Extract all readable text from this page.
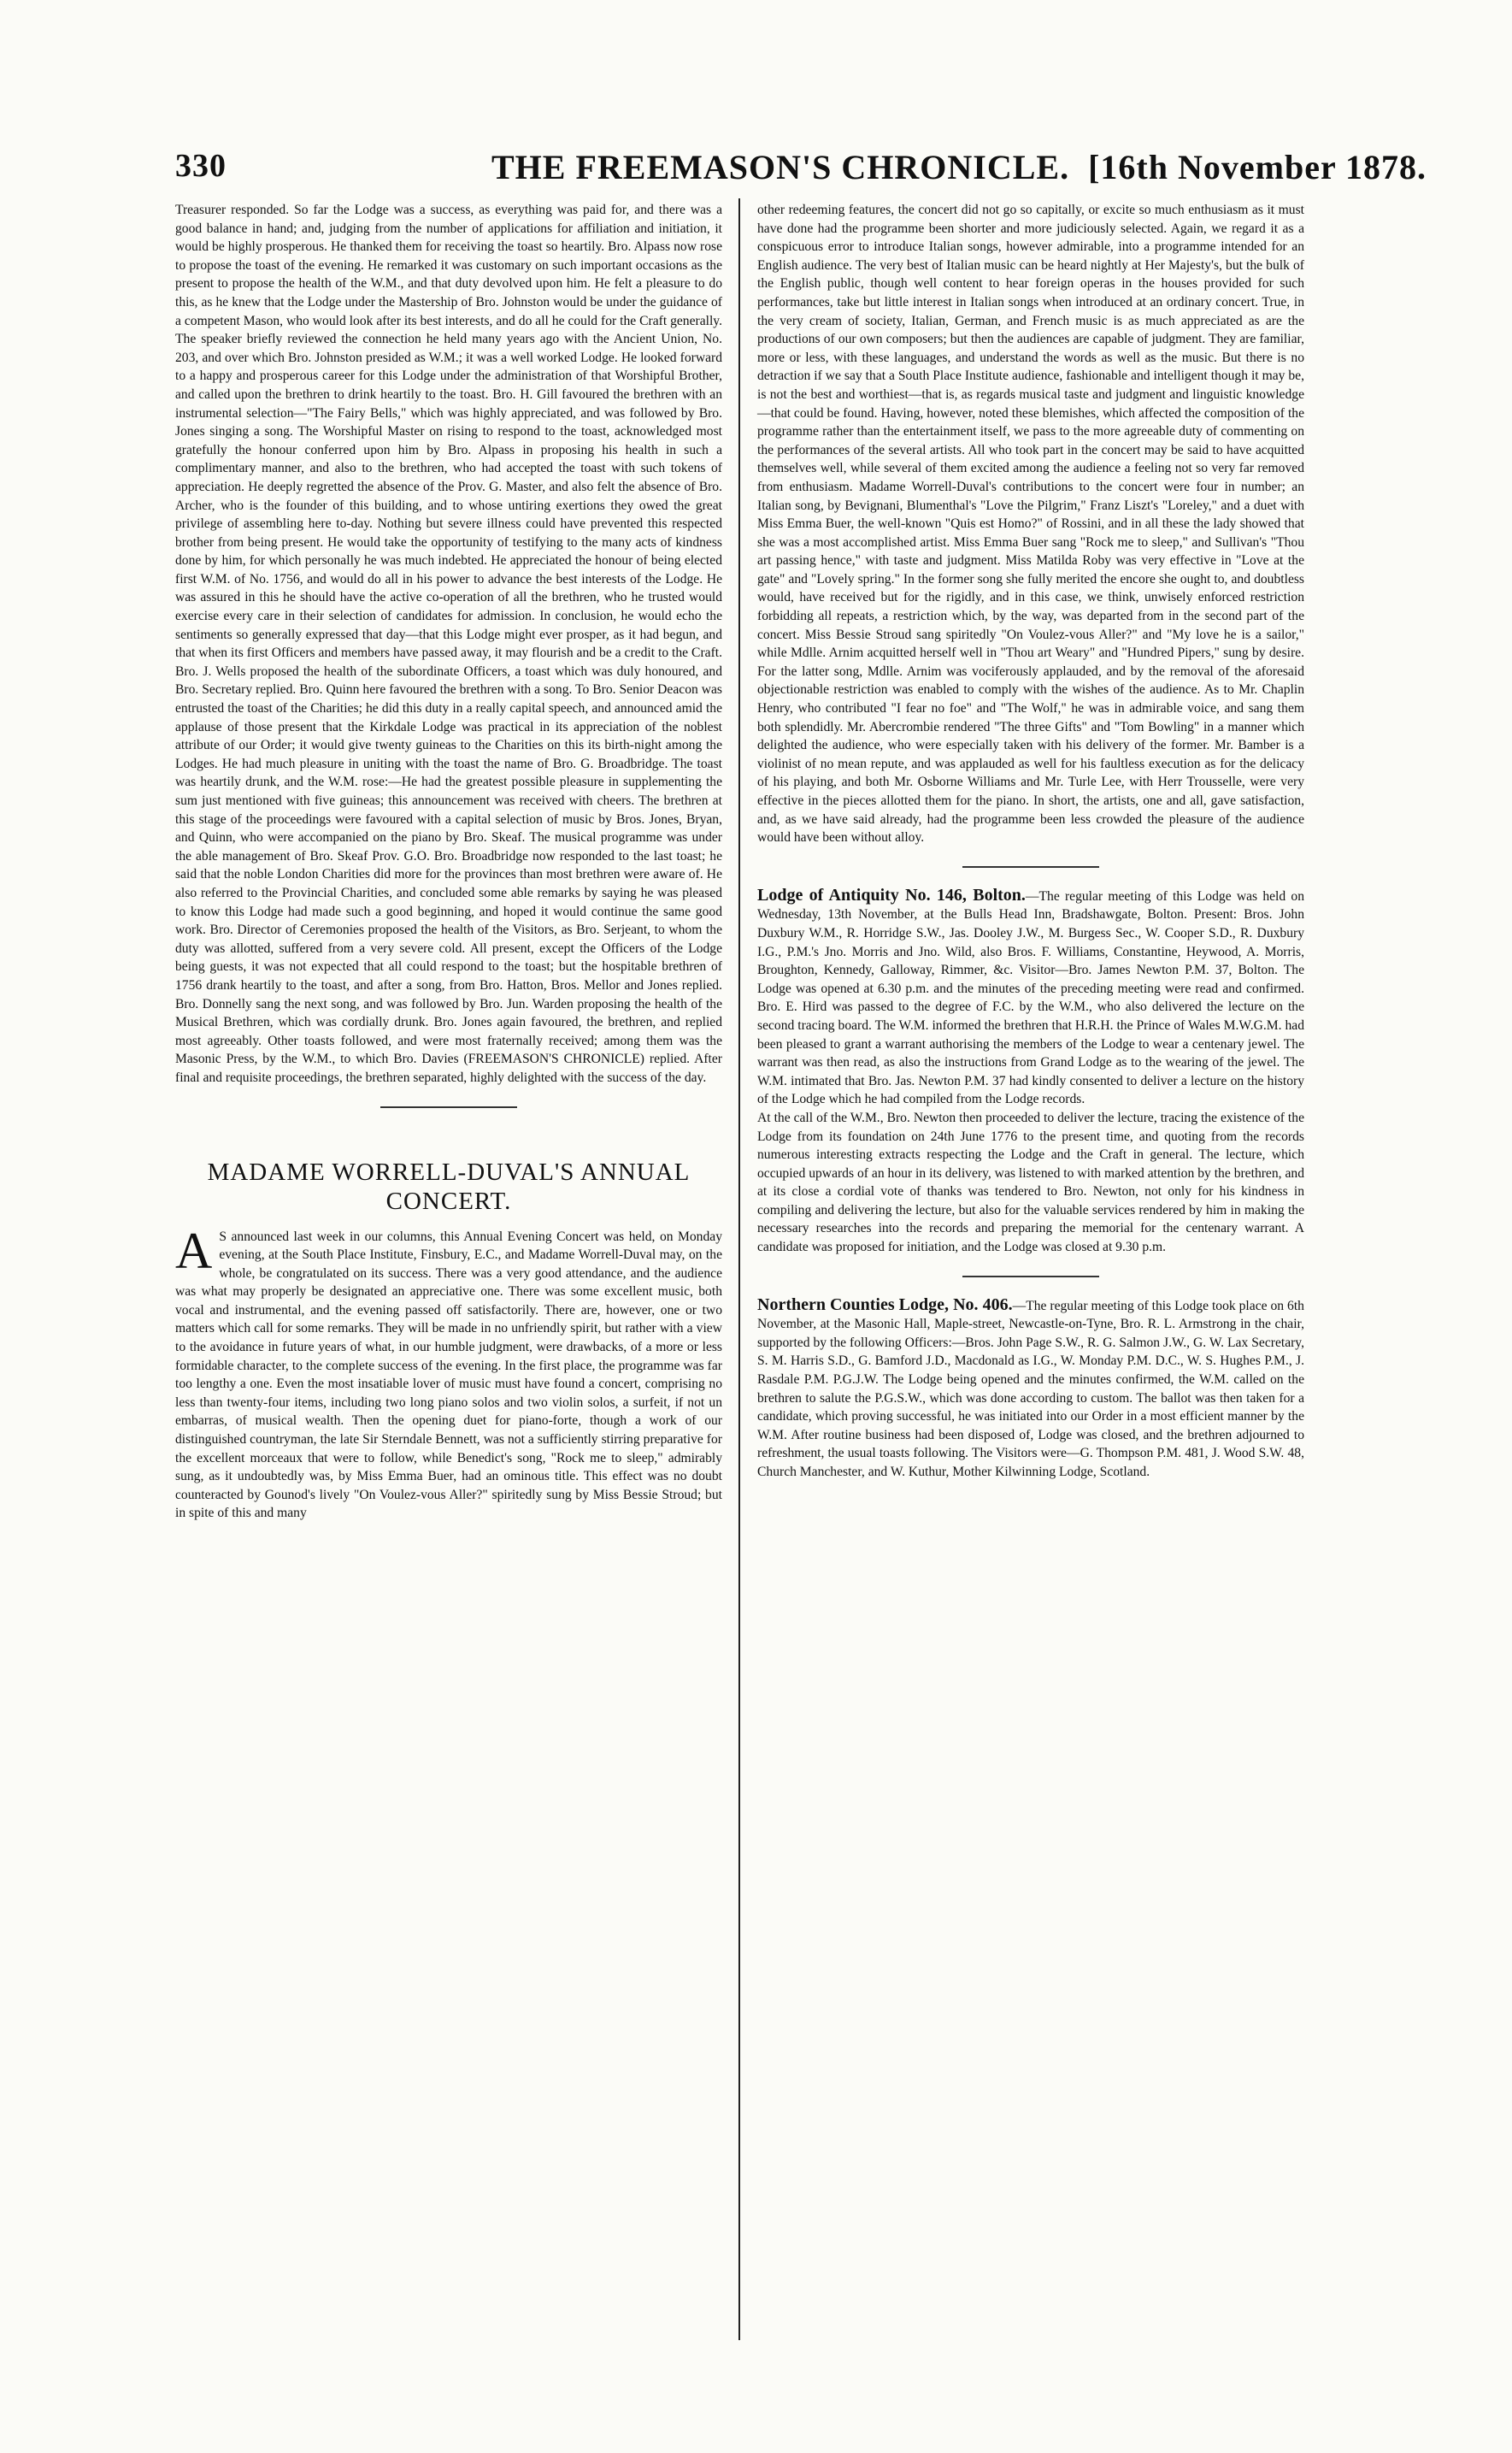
330	THE FREEMASON'S CHRONICLE. [16th November 1878.

Treasurer responded. So far the Lodge was a success, as everything was paid for, and there was a good balance in hand; and, judging from the number of applications for affiliation and initiation, it would be highly prosperous. He thanked them for receiving the toast so heartily. Bro. Alpass now rose to propose the toast of the evening. He remarked it was customary on such important occasions as the present to propose the health of the W.M., and that duty devolved upon him. He felt a pleasure to do this, as he knew that the Lodge under the Mastership of Bro. Johnston would be under the guidance of a competent Mason, who would look after its best interests, and do all he could for the Craft generally. The speaker briefly reviewed the connection he held many years ago with the Ancient Union, No. 203, and over which Bro. Johnston presided as W.M.; it was a well worked Lodge. He looked forward to a happy and prosperous career for this Lodge under the administration of that Worshipful Brother, and called upon the brethren to drink heartily to the toast. Bro. H. Gill favoured the brethren with an instrumental selection—"The Fairy Bells," which was highly appreciated, and was followed by Bro. Jones singing a song. The Worshipful Master on rising to respond to the toast, acknowledged most gratefully the honour conferred upon him by Bro. Alpass in proposing his health in such a complimentary manner, and also to the brethren, who had accepted the toast with such tokens of appreciation. He deeply regretted the absence of the Prov. G. Master, and also felt the absence of Bro. Archer, who is the founder of this building, and to whose untiring exertions they owed the great privilege of assembling here to-day. Nothing but severe illness could have prevented this respected brother from being present. He would take the opportunity of testifying to the many acts of kindness done by him, for which personally he was much indebted. He appreciated the honour of being elected first W.M. of No. 1756, and would do all in his power to advance the best interests of the Lodge. He was assured in this he should have the active co-operation of all the brethren, who he trusted would exercise every care in their selection of candidates for admission. In conclusion, he would echo the sentiments so generally expressed that day—that this Lodge might ever prosper, as it had begun, and that when its first Officers and members have passed away, it may flourish and be a credit to the Craft. Bro. J. Wells proposed the health of the subordinate Officers, a toast which was duly honoured, and Bro. Secretary replied. Bro. Quinn here favoured the brethren with a song. To Bro. Senior Deacon was entrusted the toast of the Charities; he did this duty in a really capital speech, and announced amid the applause of those present that the Kirkdale Lodge was practical in its appreciation of the noblest attribute of our Order; it would give twenty guineas to the Charities on this its birth-night among the Lodges. He had much pleasure in uniting with the toast the name of Bro. G. Broadbridge. The toast was heartily drunk, and the W.M. rose:—He had the greatest possible pleasure in supplementing the sum just mentioned with five guineas; this announcement was received with cheers. The brethren at this stage of the proceedings were favoured with a capital selection of music by Bros. Jones, Bryan, and Quinn, who were accompanied on the piano by Bro. Skeaf. The musical programme was under the able management of Bro. Skeaf Prov. G.O. Bro. Broadbridge now responded to the last toast; he said that the noble London Charities did more for the provinces than most brethren were aware of. He also referred to the Provincial Charities, and concluded some able remarks by saying he was pleased to know this Lodge had made such a good beginning, and hoped it would continue the same good work. Bro. Director of Ceremonies proposed the health of the Visitors, as Bro. Serjeant, to whom the duty was allotted, suffered from a very severe cold. All present, except the Officers of the Lodge being guests, it was not expected that all could respond to the toast; but the hospitable brethren of 1756 drank heartily to the toast, and after a song, from Bro. Hatton, Bros. Mellor and Jones replied. Bro. Donnelly sang the next song, and was followed by Bro. Jun. Warden proposing the health of the Musical Brethren, which was cordially drunk. Bro. Jones again favoured, the brethren, and replied most agreeably. Other toasts followed, and were most fraternally received; among them was the Masonic Press, by the W.M., to which Bro. Davies (FREEMASON'S CHRONICLE) replied. After final and requisite proceedings, the brethren separated, highly delighted with the success of the day.

MADAME WORRELL-DUVAL'S ANNUAL
CONCERT.

A S announced last week in our columns, this Annual Evening Concert was held, on Monday evening, at the South Place Institute, Finsbury, E.C., and Madame Worrell-Duval may, on the whole, be congratulated on its success. There was a very good attendance, and the audience was what may properly be designated an appreciative one. There was some excellent music, both vocal and instrumental, and the evening passed off satisfactorily. There are, however, one or two matters which call for some remarks. They will be made in no unfriendly spirit, but rather with a view to the avoidance in future years of what, in our humble judgment, were drawbacks, of a more or less formidable character, to the complete success of the evening. In the first place, the programme was far too lengthy a one. Even the most insatiable lover of music must have found a concert, comprising no less than twenty-four items, including two long piano solos and two violin solos, a surfeit, if not un embarras, of musical wealth. Then the opening duet for piano-forte, though a work of our distinguished countryman, the late Sir Sterndale Bennett, was not a sufficiently stirring preparative for the excellent morceaux that were to follow, while Benedict's song, "Rock me to sleep," admirably sung, as it undoubtedly was, by Miss Emma Buer, had an ominous title. This effect was no doubt counteracted by Gounod's lively "On Voulez-vous Aller?" spiritedly sung by Miss Bessie Stroud; but in spite of this and many

other redeeming features, the concert did not go so capitally, or excite so much enthusiasm as it must have done had the programme been shorter and more judiciously selected. Again, we regard it as a conspicuous error to introduce Italian songs, however admirable, into a programme intended for an English audience. The very best of Italian music can be heard nightly at Her Majesty's, but the bulk of the English public, though well content to hear foreign operas in the houses provided for such performances, take but little interest in Italian songs when introduced at an ordinary concert. True, in the very cream of society, Italian, German, and French music is as much appreciated as are the productions of our own composers; but then the audiences are capable of judgment. They are familiar, more or less, with these languages, and understand the words as well as the music. But there is no detraction if we say that a South Place Institute audience, fashionable and intelligent though it may be, is not the best and worthiest—that is, as regards musical taste and judgment and linguistic knowledge—that could be found. Having, however, noted these blemishes, which affected the composition of the programme rather than the entertainment itself, we pass to the more agreeable duty of commenting on the performances of the several artists. All who took part in the concert may be said to have acquitted themselves well, while several of them excited among the audience a feeling not so very far removed from enthusiasm. Madame Worrell-Duval's contributions to the concert were four in number; an Italian song, by Bevignani, Blumenthal's "Love the Pilgrim," Franz Liszt's "Loreley," and a duet with Miss Emma Buer, the well-known "Quis est Homo?" of Rossini, and in all these the lady showed that she was a most accomplished artist. Miss Emma Buer sang "Rock me to sleep," and Sullivan's "Thou art passing hence," with taste and judgment. Miss Matilda Roby was very effective in "Love at the gate" and "Lovely spring." In the former song she fully merited the encore she ought to, and doubtless would, have received but for the rigidly, and in this case, we think, unwisely enforced restriction forbidding all repeats, a restriction which, by the way, was departed from in the second part of the concert. Miss Bessie Stroud sang spiritedly "On Voulez-vous Aller?" and "My love he is a sailor," while Mdlle. Arnim acquitted herself well in "Thou art Weary" and "Hundred Pipers," sung by desire. For the latter song, Mdlle. Arnim was vociferously applauded, and by the removal of the aforesaid objectionable restriction was enabled to comply with the wishes of the audience. As to Mr. Chaplin Henry, who contributed "I fear no foe" and "The Wolf," he was in admirable voice, and sang them both splendidly. Mr. Abercrombie rendered "The three Gifts" and "Tom Bowling" in a manner which delighted the audience, who were especially taken with his delivery of the former. Mr. Bamber is a violinist of no mean repute, and was applauded as well for his faultless execution as for the delicacy of his playing, and both Mr. Osborne Williams and Mr. Turle Lee, with Herr Trousselle, were very effective in the pieces allotted them for the piano. In short, the artists, one and all, gave satisfaction, and, as we have said already, had the programme been less crowded the pleasure of the audience would have been without alloy.

Lodge of Antiquity No. 146, Bolton.—The regular meeting of this Lodge was held on Wednesday, 13th November, at the Bulls Head Inn, Bradshawgate, Bolton. Present: Bros. John Duxbury W.M., R. Horridge S.W., Jas. Dooley J.W., M. Burgess Sec., W. Cooper S.D., R. Duxbury I.G., P.M.'s Jno. Morris and Jno. Wild, also Bros. F. Williams, Constantine, Heywood, A. Morris, Broughton, Kennedy, Galloway, Rimmer, &c. Visitor—Bro. James Newton P.M. 37, Bolton. The Lodge was opened at 6.30 p.m. and the minutes of the preceding meeting were read and confirmed. Bro. E. Hird was passed to the degree of F.C. by the W.M., who also delivered the lecture on the second tracing board. The W.M. informed the brethren that H.R.H. the Prince of Wales M.W.G.M. had been pleased to grant a warrant authorising the members of the Lodge to wear a centenary jewel. The warrant was then read, as also the instructions from Grand Lodge as to the wearing of the jewel. The W.M. intimated that Bro. Jas. Newton P.M. 37 had kindly consented to deliver a lecture on the history of the Lodge which he had compiled from the Lodge records.

At the call of the W.M., Bro. Newton then proceeded to deliver the lecture, tracing the existence of the Lodge from its foundation on 24th June 1776 to the present time, and quoting from the records numerous interesting extracts respecting the Lodge and the Craft in general. The lecture, which occupied upwards of an hour in its delivery, was listened to with marked attention by the brethren, and at its close a cordial vote of thanks was tendered to Bro. Newton, not only for his kindness in compiling and delivering the lecture, but also for the valuable services rendered by him in making the necessary researches into the records and preparing the memorial for the centenary warrant. A candidate was proposed for initiation, and the Lodge was closed at 9.30 p.m.

Northern Counties Lodge, No. 406.—The regular meeting of this Lodge took place on 6th November, at the Masonic Hall, Maple-street, Newcastle-on-Tyne, Bro. R. L. Armstrong in the chair, supported by the following Officers:—Bros. John Page S.W., R. G. Salmon J.W., G. W. Lax Secretary, S. M. Harris S.D., G. Bamford J.D., Macdonald as I.G., W. Monday P.M. D.C., W. S. Hughes P.M., J. Rasdale P.M. P.G.J.W. The Lodge being opened and the minutes confirmed, the W.M. called on the brethren to salute the P.G.S.W., which was done according to custom. The ballot was then taken for a candidate, which proving successful, he was initiated into our Order in a most efficient manner by the W.M. After routine business had been disposed of, Lodge was closed, and the brethren adjourned to refreshment, the usual toasts following. The Visitors were—G. Thompson P.M. 481, J. Wood S.W. 48, Church Manchester, and W. Kuthur, Mother Kilwinning Lodge, Scotland.
